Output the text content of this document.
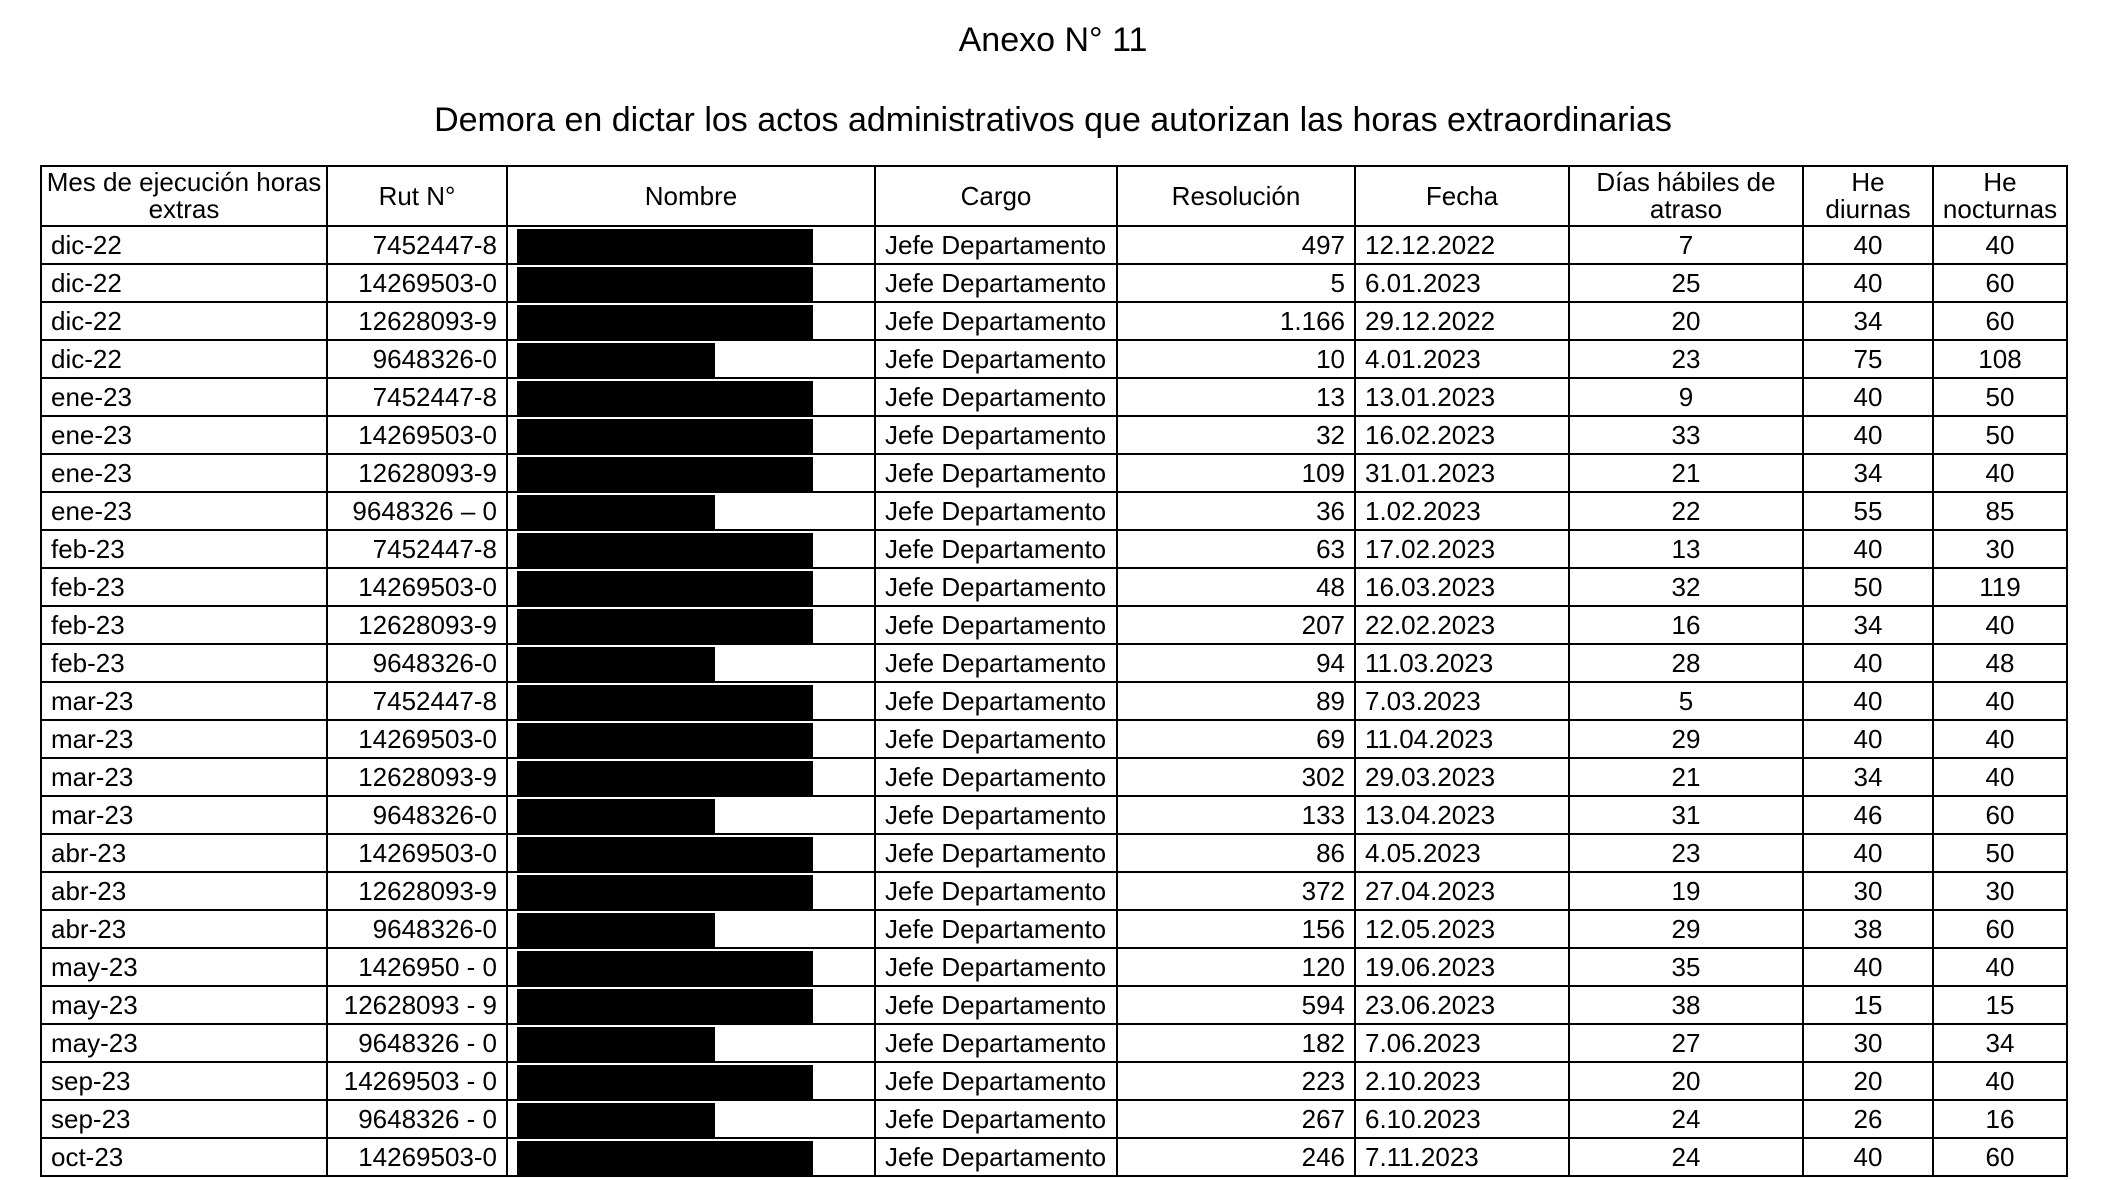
Anexo N° 11
Demora en dictar los actos administrativos que autorizan las horas extraordinarias
Mes de ejecución horas extras	Rut N°	Nombre	Cargo	Resolución	Fecha	Días hábiles de atraso	He diurnas	He nocturnas
dic-22	7452447-8		Jefe Departamento	497	12.12.2022	7	40	40
dic-22	14269503-0		Jefe Departamento	5	6.01.2023	25	40	60
dic-22	12628093-9		Jefe Departamento	1.166	29.12.2022	20	34	60
dic-22	9648326-0		Jefe Departamento	10	4.01.2023	23	75	108
ene-23	7452447-8		Jefe Departamento	13	13.01.2023	9	40	50
ene-23	14269503-0		Jefe Departamento	32	16.02.2023	33	40	50
ene-23	12628093-9		Jefe Departamento	109	31.01.2023	21	34	40
ene-23	9648326 – 0		Jefe Departamento	36	1.02.2023	22	55	85
feb-23	7452447-8		Jefe Departamento	63	17.02.2023	13	40	30
feb-23	14269503-0		Jefe Departamento	48	16.03.2023	32	50	119
feb-23	12628093-9		Jefe Departamento	207	22.02.2023	16	34	40
feb-23	9648326-0		Jefe Departamento	94	11.03.2023	28	40	48
mar-23	7452447-8		Jefe Departamento	89	7.03.2023	5	40	40
mar-23	14269503-0		Jefe Departamento	69	11.04.2023	29	40	40
mar-23	12628093-9		Jefe Departamento	302	29.03.2023	21	34	40
mar-23	9648326-0		Jefe Departamento	133	13.04.2023	31	46	60
abr-23	14269503-0		Jefe Departamento	86	4.05.2023	23	40	50
abr-23	12628093-9		Jefe Departamento	372	27.04.2023	19	30	30
abr-23	9648326-0		Jefe Departamento	156	12.05.2023	29	38	60
may-23	1426950 - 0		Jefe Departamento	120	19.06.2023	35	40	40
may-23	12628093 - 9		Jefe Departamento	594	23.06.2023	38	15	15
may-23	9648326 - 0		Jefe Departamento	182	7.06.2023	27	30	34
sep-23	14269503 - 0		Jefe Departamento	223	2.10.2023	20	20	40
sep-23	9648326 - 0		Jefe Departamento	267	6.10.2023	24	26	16
oct-23	14269503-0		Jefe Departamento	246	7.11.2023	24	40	60
